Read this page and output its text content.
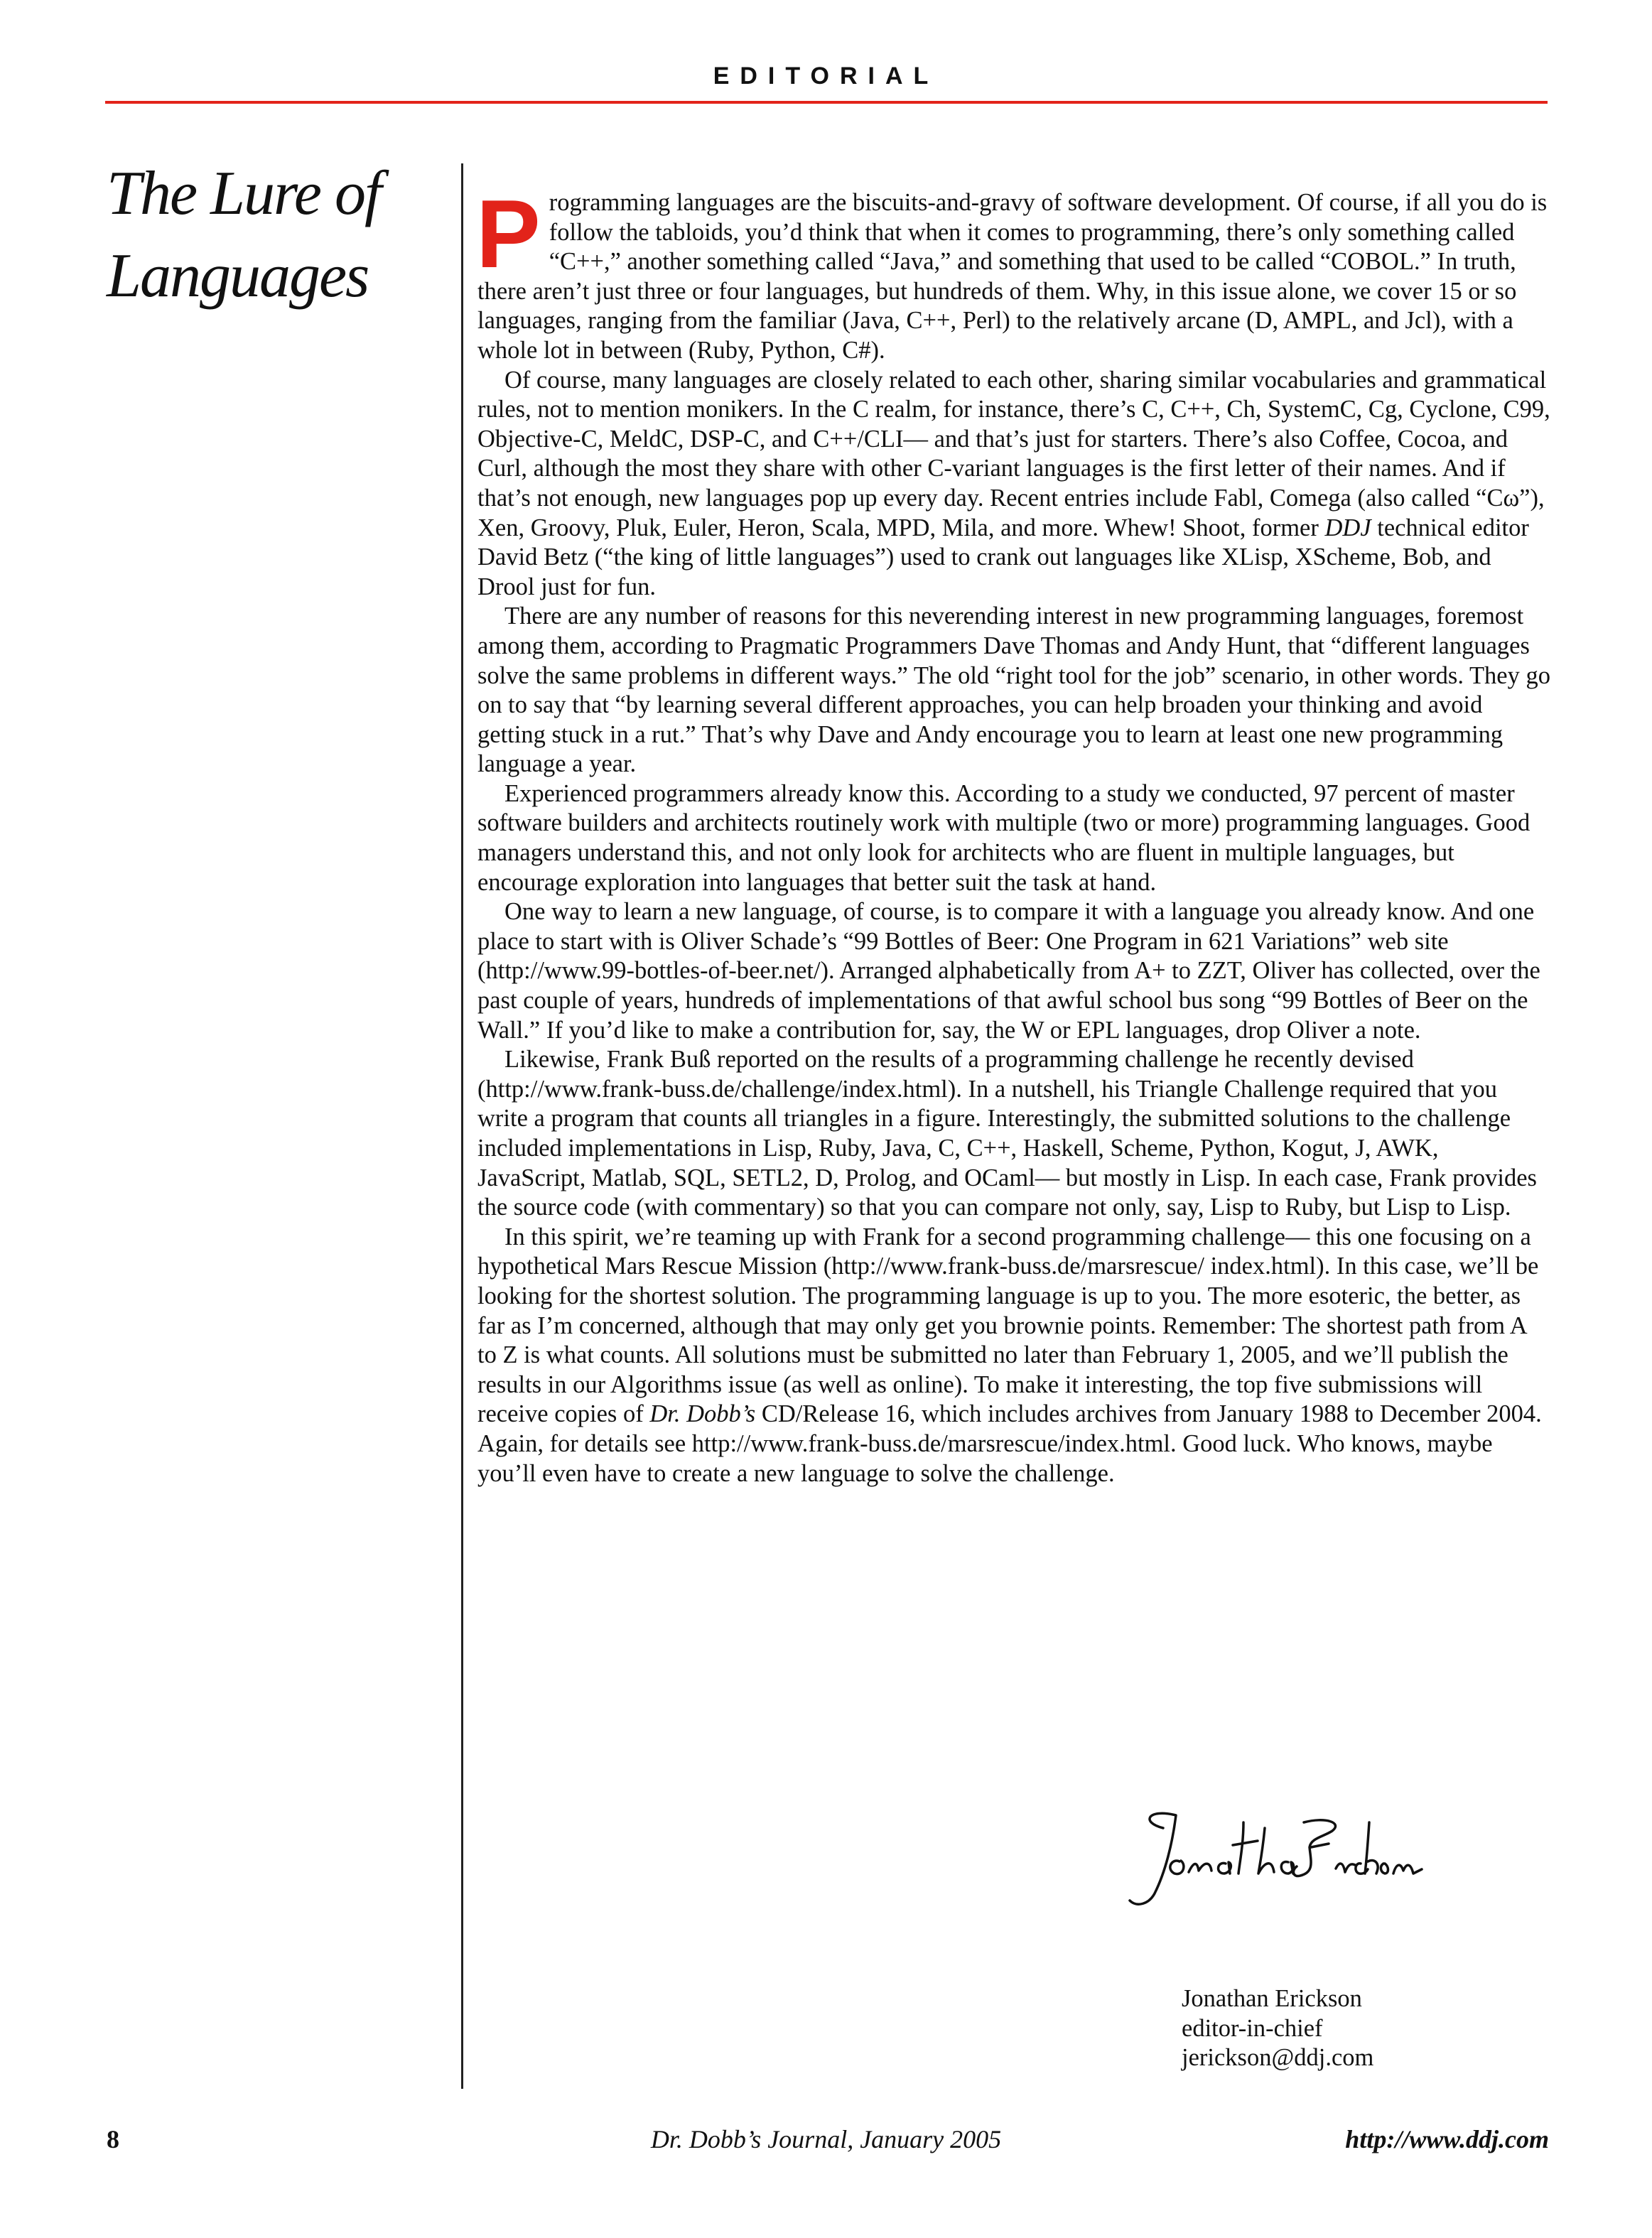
EDITORIAL
The Lure of
Languages	Programming languages are the biscuits-and-gravy of software development. Of course, if all you do is follow the tabloids, you’d think that when it comes to programming, there’s only something called “C++,” another something called “Java,” and something that used to be called “COBOL.” In truth, there aren’t just three or four languages, but hundreds of them. Why, in this issue alone, we cover 15 or so languages, ranging from the familiar (Java, C++, Perl) to the relatively arcane (D, AMPL, and Jcl), with a whole lot in between (Ruby, Python, C#).

Of course, many languages are closely related to each other, sharing similar vocabularies and grammatical rules, not to mention monikers. In the C realm, for instance, there’s C, C++, Ch, SystemC, Cg, Cyclone, C99, Objective-C, MeldC, DSP-C, and C++/CLI— and that’s just for starters. There’s also Coffee, Cocoa, and Curl, although the most they share with other C-variant languages is the first letter of their names. And if that’s not enough, new languages pop up every day. Recent entries include Fabl, Comega (also called “Cω”), Xen, Groovy, Pluk, Euler, Heron, Scala, MPD, Mila, and more. Whew! Shoot, former DDJ technical editor David Betz (“the king of little languages”) used to crank out languages like XLisp, XScheme, Bob, and Drool just for fun.

There are any number of reasons for this neverending interest in new programming languages, foremost among them, according to Pragmatic Programmers Dave Thomas and Andy Hunt, that “different languages solve the same problems in different ways.” The old “right tool for the job” scenario, in other words. They go on to say that “by learning several different approaches, you can help broaden your thinking and avoid getting stuck in a rut.” That’s why Dave and Andy encourage you to learn at least one new programming language a year.

Experienced programmers already know this. According to a study we conducted, 97 percent of master software builders and architects routinely work with multiple (two or more) programming languages. Good managers understand this, and not only look for architects who are fluent in multiple languages, but encourage exploration into languages that better suit the task at hand.

One way to learn a new language, of course, is to compare it with a language you already know. And one place to start with is Oliver Schade’s “99 Bottles of Beer: One Program in 621 Variations” web site (http://www.99-bottles-of-beer.net/). Arranged alphabetically from A+ to ZZT, Oliver has collected, over the past couple of years, hundreds of implementations of that awful school bus song “99 Bottles of Beer on the Wall.” If you’d like to make a contribution for, say, the W or EPL languages, drop Oliver a note.

Likewise, Frank Buß reported on the results of a programming challenge he recently devised (http://www.frank-buss.de/challenge/index.html). In a nutshell, his Triangle Challenge required that you write a program that counts all triangles in a figure. Interestingly, the submitted solutions to the challenge included implementations in Lisp, Ruby, Java, C, C++, Haskell, Scheme, Python, Kogut, J, AWK, JavaScript, Matlab, SQL, SETL2, D, Prolog, and OCaml— but mostly in Lisp. In each case, Frank provides the source code (with commentary) so that you can compare not only, say, Lisp to Ruby, but Lisp to Lisp.

In this spirit, we’re teaming up with Frank for a second programming challenge— this one focusing on a hypothetical Mars Rescue Mission (http://www.frank-buss.de/marsrescue/ index.html). In this case, we’ll be looking for the shortest solution. The programming language is up to you. The more esoteric, the better, as far as I’m concerned, although that may only get you brownie points. Remember: The shortest path from A to Z is what counts. All solutions must be submitted no later than February 1, 2005, and we’ll publish the results in our Algorithms issue (as well as online). To make it interesting, the top five submissions will receive copies of Dr. Dobb’s CD/Release 16, which includes archives from January 1988 to December 2004. Again, for details see http://www.frank-buss.de/marsrescue/index.html. Good luck. Who knows, maybe you’ll even have to create a new language to solve the challenge.

Jonathan Erickson
editor-in-chief
jerickson@ddj.com
Dr. Dobb’s Journal, January 2005
8	http://www.ddj.com
